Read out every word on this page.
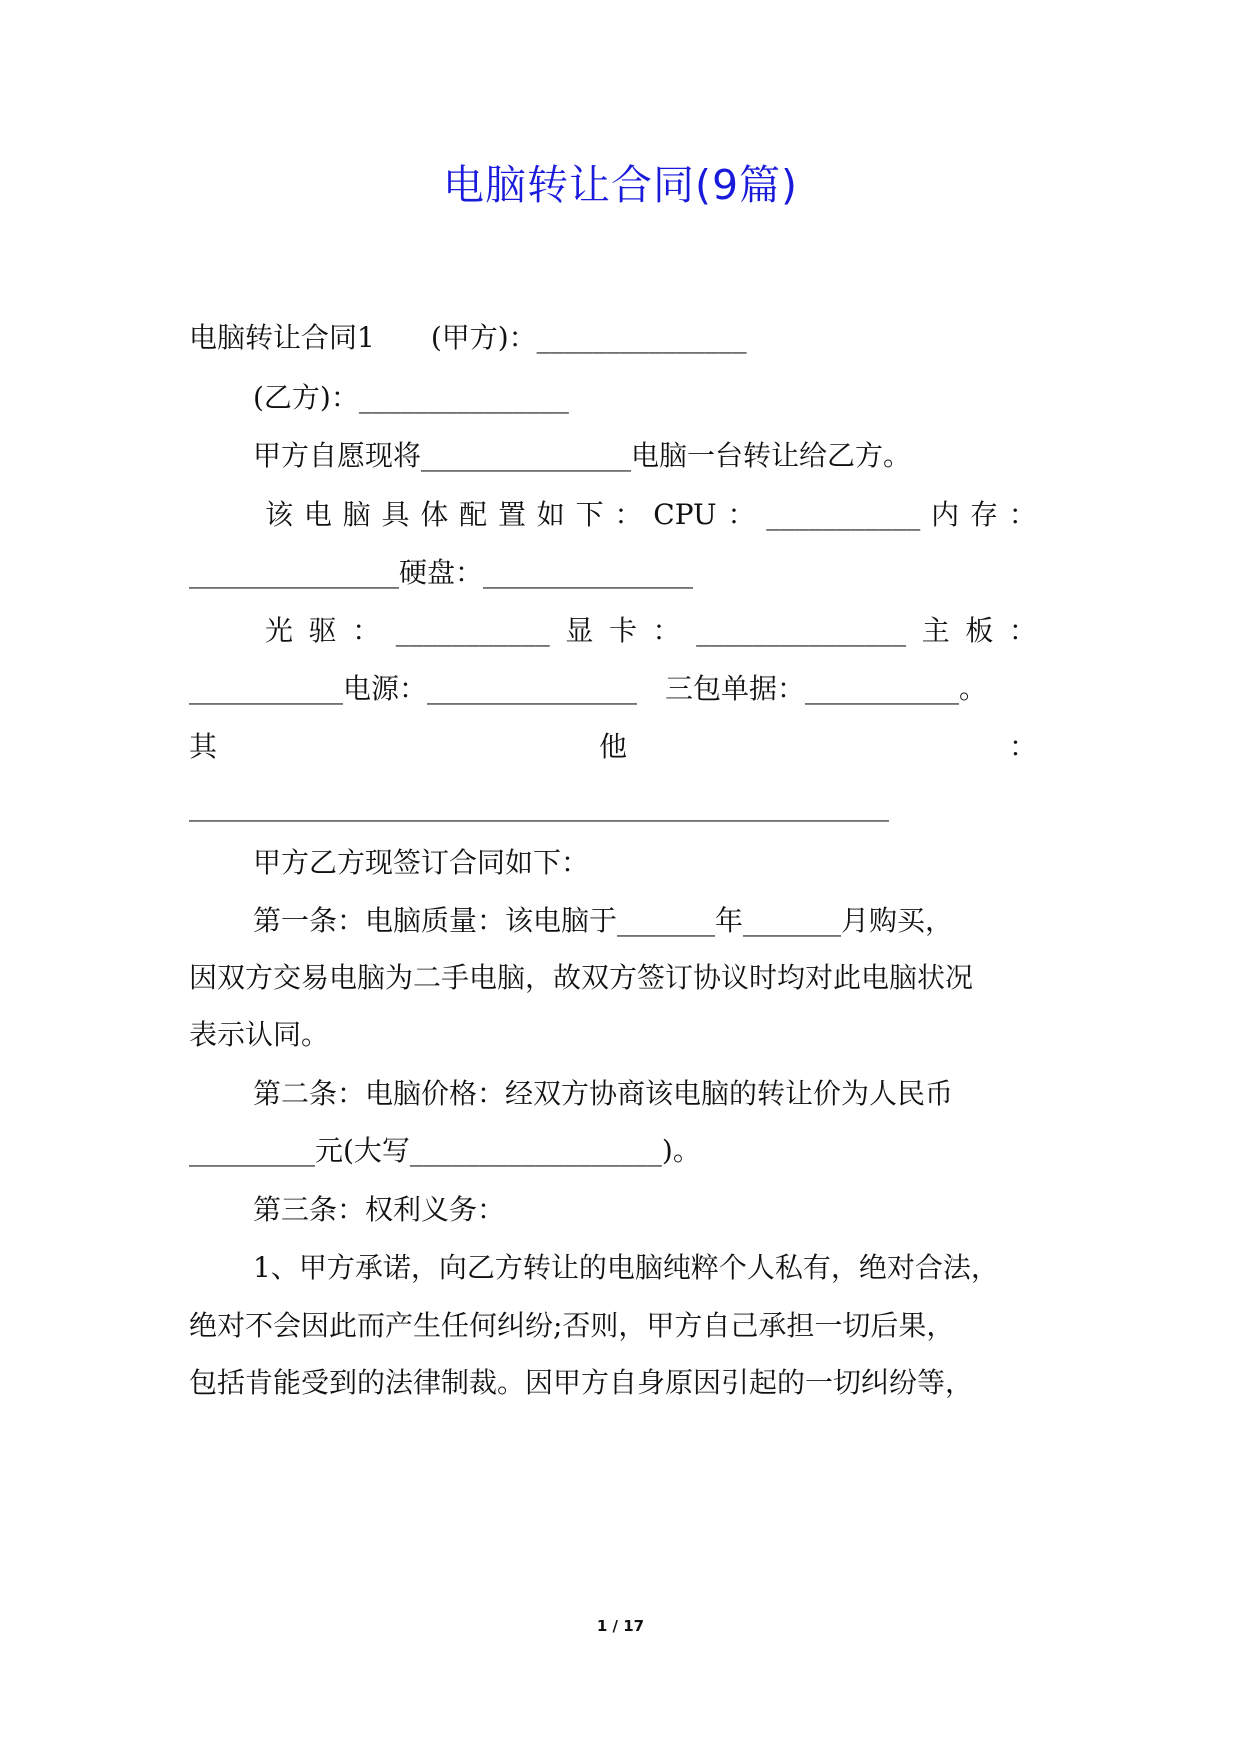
电脑转让合同(9篇)
电脑转让合同1　　(甲方)：_______________
(乙方)：_______________
甲方自愿现将_______________电脑一台转让给乙方。
该 电 脑 具 体 配 置 如 下 ： CPU ： ___________ 内 存 ：
_______________硬盘：_______________
光 驱 ： ___________ 显 卡 ： _______________ 主 板 ：
___________电源：_______________　三包单据：___________。
其	他	：
__________________________________________________
甲方乙方现签订合同如下：
第一条：电脑质量：该电脑于_______年_______月购买，
因双方交易电脑为二手电脑，故双方签订协议时均对此电脑状况
表示认同。
第二条：电脑价格：经双方协商该电脑的转让价为人民币
_________元(大写__________________)。
第三条：权利义务：
1、甲方承诺，向乙方转让的电脑纯粹个人私有，绝对合法，
绝对不会因此而产生任何纠纷;否则，甲方自己承担一切后果，
包括肯能受到的法律制裁。因甲方自身原因引起的一切纠纷等，
1 / 17
